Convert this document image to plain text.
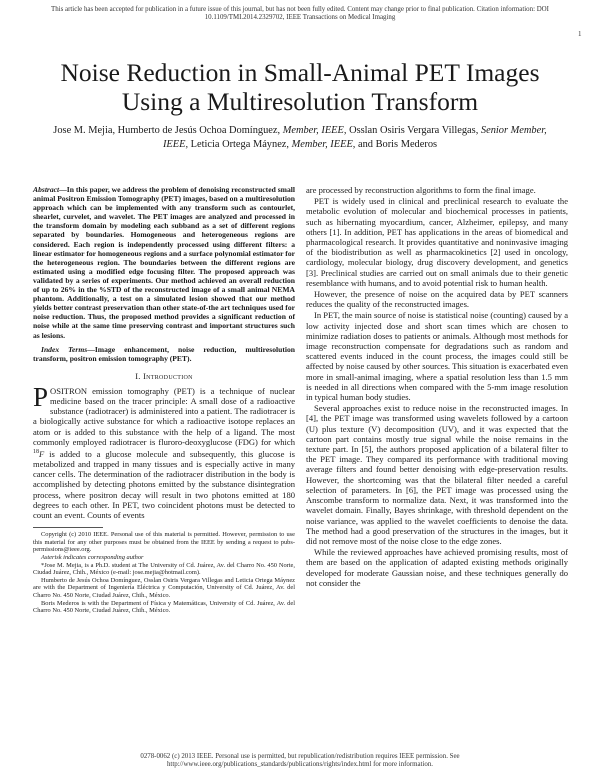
This article has been accepted for publication in a future issue of this journal, but has not been fully edited. Content may change prior to final publication. Citation information: DOI
10.1109/TMI.2014.2329702, IEEE Transactions on Medical Imaging
1
Noise Reduction in Small-Animal PET Images
Using a Multiresolution Transform

Jose M. Mejia, Humberto de Jesús Ochoa Domínguez, Member, IEEE, Osslan Osiris Vergara Villegas, Senior Member, IEEE, Leticia Ortega Máynez, Member, IEEE, and Boris Mederos

Abstract—In this paper, we address the problem of denoising reconstructed small animal Positron Emission Tomography (PET) images, based on a multiresolution approach which can be implemented with any transform such as contourlet, shearlet, curvelet, and wavelet. The PET images are analyzed and processed in the transform domain by modeling each subband as a set of different regions separated by boundaries. Homogeneous and heterogeneous regions are considered. Each region is independently processed using different filters: a linear estimator for homogeneous regions and a surface polynomial estimator for the heterogeneous region. The boundaries between the different regions are estimated using a modified edge focusing filter. The proposed approach was validated by a series of experiments. Our method achieved an overall reduction of up to 26% in the %STD of the reconstructed image of a small animal NEMA phantom. Additionally, a test on a simulated lesion showed that our method yields better contrast preservation than other state-of-the art techniques used for noise reduction. Thus, the proposed method provides a significant reduction of noise while at the same time preserving contrast and important structures such as lesions.

Index Terms—Image enhancement, noise reduction, multiresolution transform, positron emission tomography (PET).

I. Introduction

POSITRON emission tomography (PET) is a technique of nuclear medicine based on the tracer principle: A small dose of a radioactive substance (radiotracer) is administered into a patient. The radiotracer is a biologically active substance for which a radioactive isotope replaces an atom or is added to this substance with the help of a ligand. The most commonly employed radiotracer is fluroro-deoxyglucose (FDG) for which $^{18}$F is added to a glucose molecule and subsequently, this glucose is metabolized and trapped in many tissues and is especially active in many cancer cells. The determination of the radiotracer distribution in the body is accomplished by detecting photons emitted by the substance disintegration process, where positron decay will result in two photons emitted at 180 degrees to each other. In PET, two coincident photons must be detected to count an event. Counts of events

Copyright (c) 2010 IEEE. Personal use of this material is permitted. However, permission to use this material for any other purposes must be obtained from the IEEE by sending a request to pubs-permissions@ieee.org.

Asterisk indicates corresponding author

*Jose M. Mejia, is a Ph.D. student at The University of Cd. Juárez, Av. del Charro No. 450 Norte, Ciudad Juárez, Chih., México (e-mail: jose.mejia@hotmail.com).

Humberto de Jesús Ochoa Domínguez, Osslan Osiris Vergara Villegas and Leticia Ortega Máynez are with the Department of Ingeniería Eléctrica y Computación, University of Cd. Juárez, Av. del Charro No. 450 Norte, Ciudad Juárez, Chih., México.

Boris Mederos is with the Department of Física y Matemáticas, University of Cd. Juárez, Av. del Charro No. 450 Norte, Ciudad Juárez, Chih., México.

are processed by reconstruction algorithms to form the final image.

PET is widely used in clinical and preclinical research to evaluate the metabolic evolution of molecular and biochemical processes in patients, such as hibernating myocardium, cancer, Alzheimer, epilepsy, and many others [1]. In addition, PET has applications in the areas of biomedical and pharmacological research. It provides quantitative and noninvasive imaging of the biodistribution as well as pharmacokinetics [2] used in oncology, cardiology, molecular biology, drug discovery development, and genetics [3]. Preclinical studies are carried out on small animals due to their genetic resemblance with humans, and to avoid potential risk to human health.

However, the presence of noise on the acquired data by PET scanners reduces the quality of the reconstructed images.

In PET, the main source of noise is statistical noise (counting) caused by a low activity injected dose and short scan times which are chosen to minimize radiation doses to patients or animals. Although most methods for image reconstruction compensate for degradations such as random and scattered events induced in the count process, the images could still be affected by noise caused by other sources. This situation is exacerbated even more in small-animal imaging, where a spatial resolution less than 1.5 mm is needed in all directions when compared with the 5-mm image resolution in typical human body studies.

Several approaches exist to reduce noise in the reconstructed images. In [4], the PET image was transformed using wavelets followed by a cartoon (U) plus texture (V) decomposition (UV), and it was expected that the cartoon part contains mostly true signal while the noise remains in the texture part. In [5], the authors proposed application of a bilateral filter to the PET image. They compared its performance with traditional moving average filters and found better denoising with edge-preservation results. However, the shortcoming was that the bilateral filter needed a careful selection of parameters. In [6], the PET image was processed using the Anscombe transform to normalize data. Next, it was transformed into the wavelet domain. Finally, Bayes shrinkage, with threshold dependent on the noise variance, was applied to the wavelet coefficients to denoise the data. The method had a good preservation of the structures in the images, but it did not remove most of the noise close to the edge zones.

While the reviewed approaches have achieved promising results, most of them are based on the application of adapted existing methods originally developed for moderate Gaussian noise, and these techniques generally do not consider the

0278-0062 (c) 2013 IEEE. Personal use is permitted, but republication/redistribution requires IEEE permission. See
http://www.ieee.org/publications_standards/publications/rights/index.html for more information.
